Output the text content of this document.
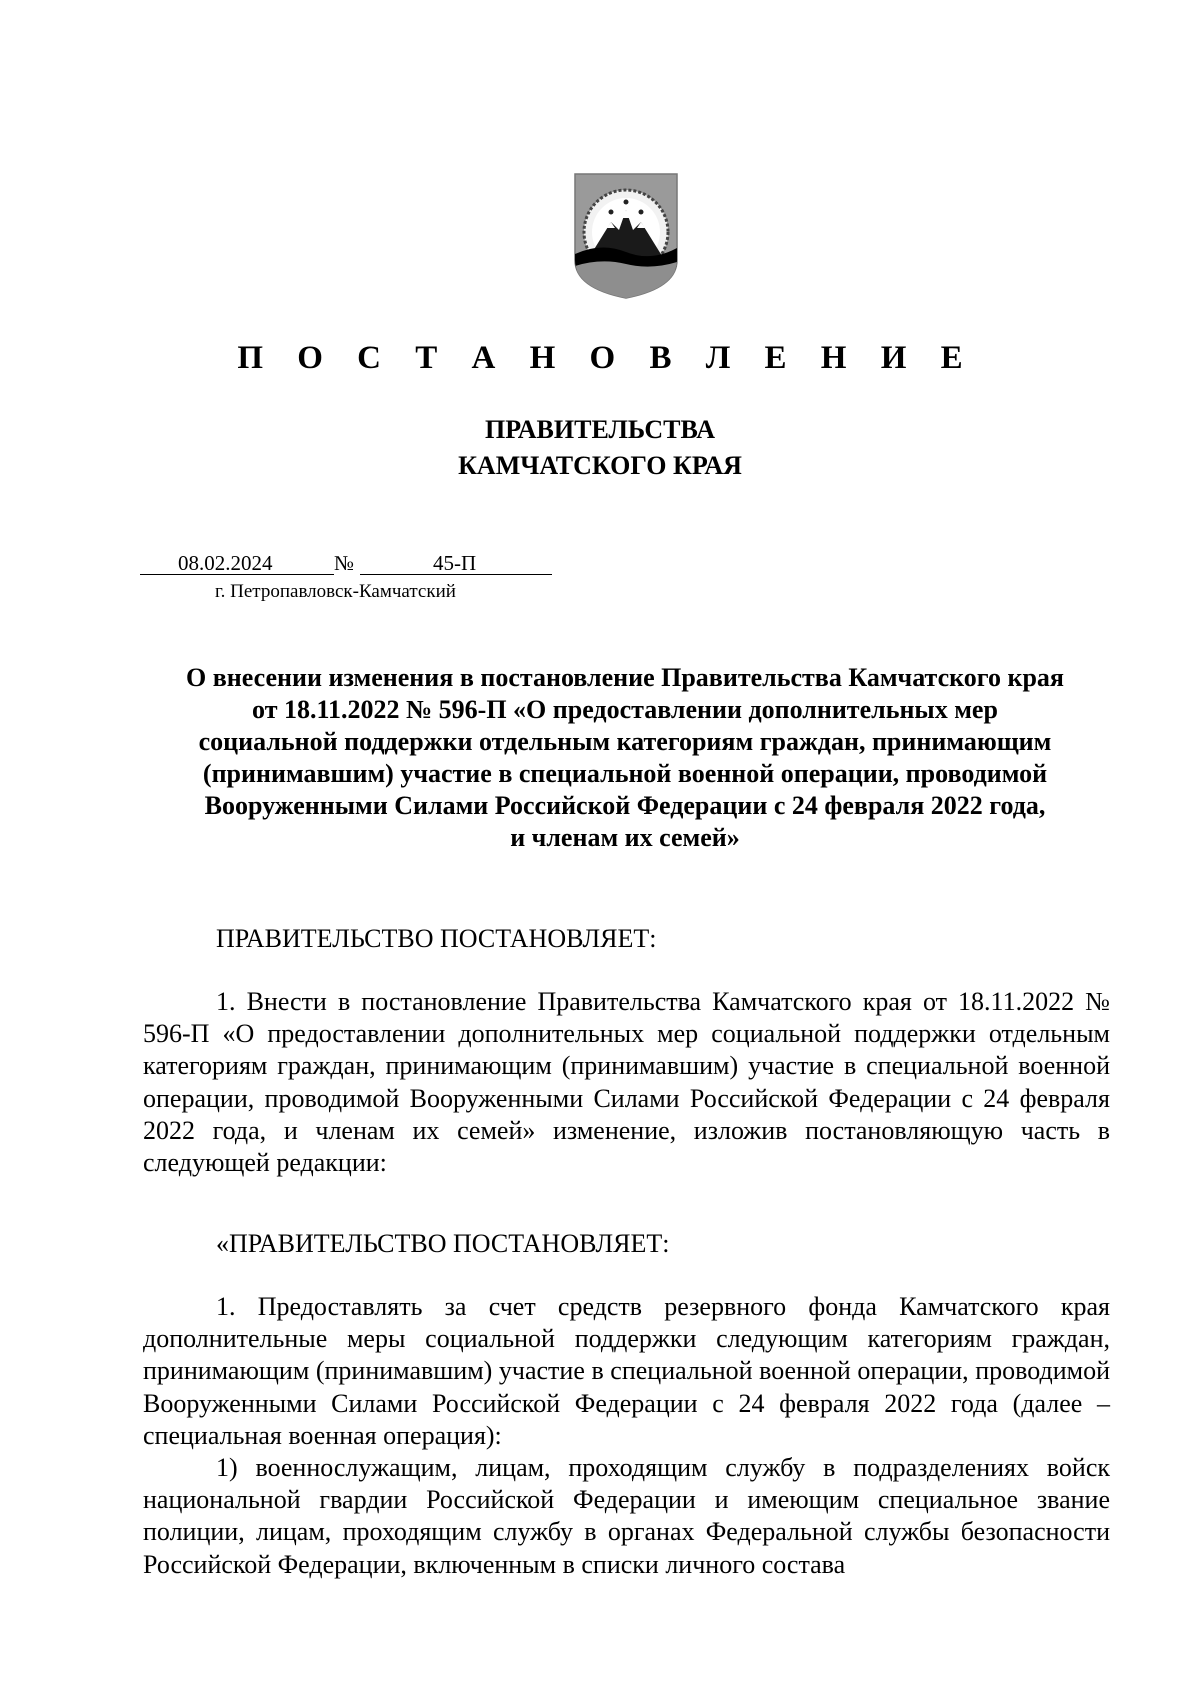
П О С Т А Н О В Л Е Н И Е
ПРАВИТЕЛЬСТВА
КАМЧАТСКОГО КРАЯ
08.02.2024	№	45-П
г. Петропавловск-Камчатский
О внесении изменения в постановление Правительства Камчатского края
от 18.11.2022 № 596-П «О предоставлении дополнительных мер
социальной поддержки отдельным категориям граждан, принимающим
(принимавшим) участие в специальной военной операции, проводимой
Вооруженными Силами Российской Федерации с 24 февраля 2022 года,
и членам их семей»
ПРАВИТЕЛЬСТВО ПОСТАНОВЛЯЕТ:

1. Внести в постановление Правительства Камчатского края от 18.11.2022 № 596-П «О предоставлении дополнительных мер социальной поддержки отдельным категориям граждан, принимающим (принимавшим) участие в специальной военной операции, проводимой Вооруженными Силами Российской Федерации с 24 февраля 2022 года, и членам их семей» изменение, изложив постановляющую часть в следующей редакции:

«ПРАВИТЕЛЬСТВО ПОСТАНОВЛЯЕТ:

1. Предоставлять за счет средств резервного фонда Камчатского края дополнительные меры социальной поддержки следующим категориям граждан, принимающим (принимавшим) участие в специальной военной операции, проводимой Вооруженными Силами Российской Федерации с 24 февраля 2022 года (далее – специальная военная операция):

1) военнослужащим, лицам, проходящим службу в подразделениях войск национальной гвардии Российской Федерации и имеющим специальное звание полиции, лицам, проходящим службу в органах Федеральной службы безопасности Российской Федерации, включенным в списки личного состава
